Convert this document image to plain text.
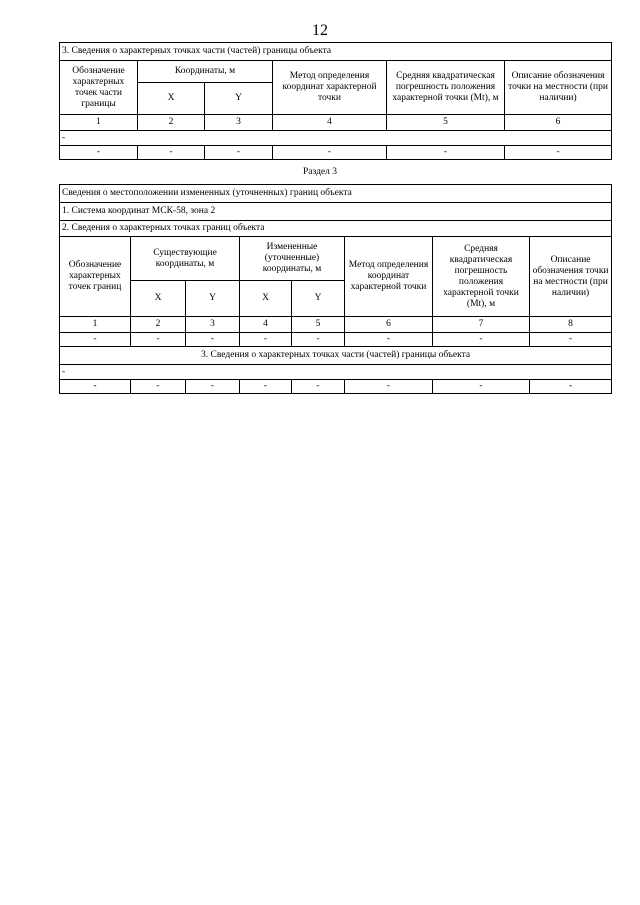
12
3. Сведения о характерных точках части (частей) границы объекта					
Обозначение характерных точек части границы	Координаты, м		Метод определения координат характерной точки	Средняя квадратическая погрешность положения характерной точки (Mt), м	Описание обозначения точки на местности (при наличии)
	X	Y			
1	2	3	4	5	6
-					
-	-	-	-	-	-
Раздел 3
Сведения о местоположении измененных (уточненных) границ объекта							
1. Система координат МСК-58, зона 2							
2. Сведения о характерных точках границ объекта							
Обозначение характерных точек границ	Существующие координаты, м		Измененные (уточненные) координаты, м		Метод определения координат характерной точки	Средняя квадратическая погрешность положения характерной точки (Mt), м	Описание обозначения точки на местности (при наличии)
	X	Y	X	Y			
1	2	3	4	5	6	7	8
-	-	-	-	-	-	-	-
3. Сведения о характерных точках части (частей) границы объекта							
-							
-	-	-	-	-	-	-	-
